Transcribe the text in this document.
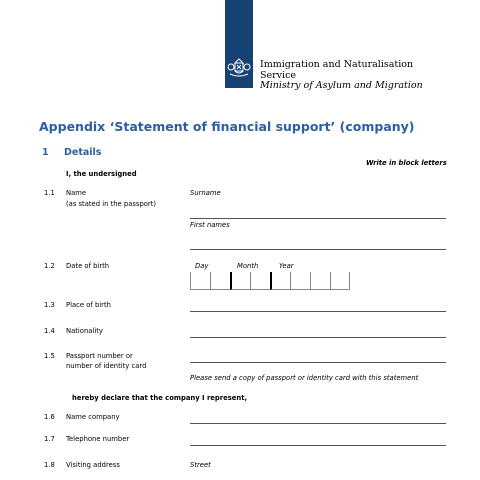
Immigration and Naturalisation
Service
Ministry of Asylum and Migration
Appendix ‘Statement of financial support’ (company)
1 Details
Write in block letters
I, the undersigned
1.1 Name
(as stated in the passport)
Surname
First names
1.2 Date of birth	Day	Month	Year
1.3 Place of birth
1.4 Nationality
1.5 Passport number or
number of identity card
Please send a copy of passport or identity card with this statement
hereby declare that the company I represent,
1.6 Name company
1.7 Telephone number
1.8 Visiting address	Street
